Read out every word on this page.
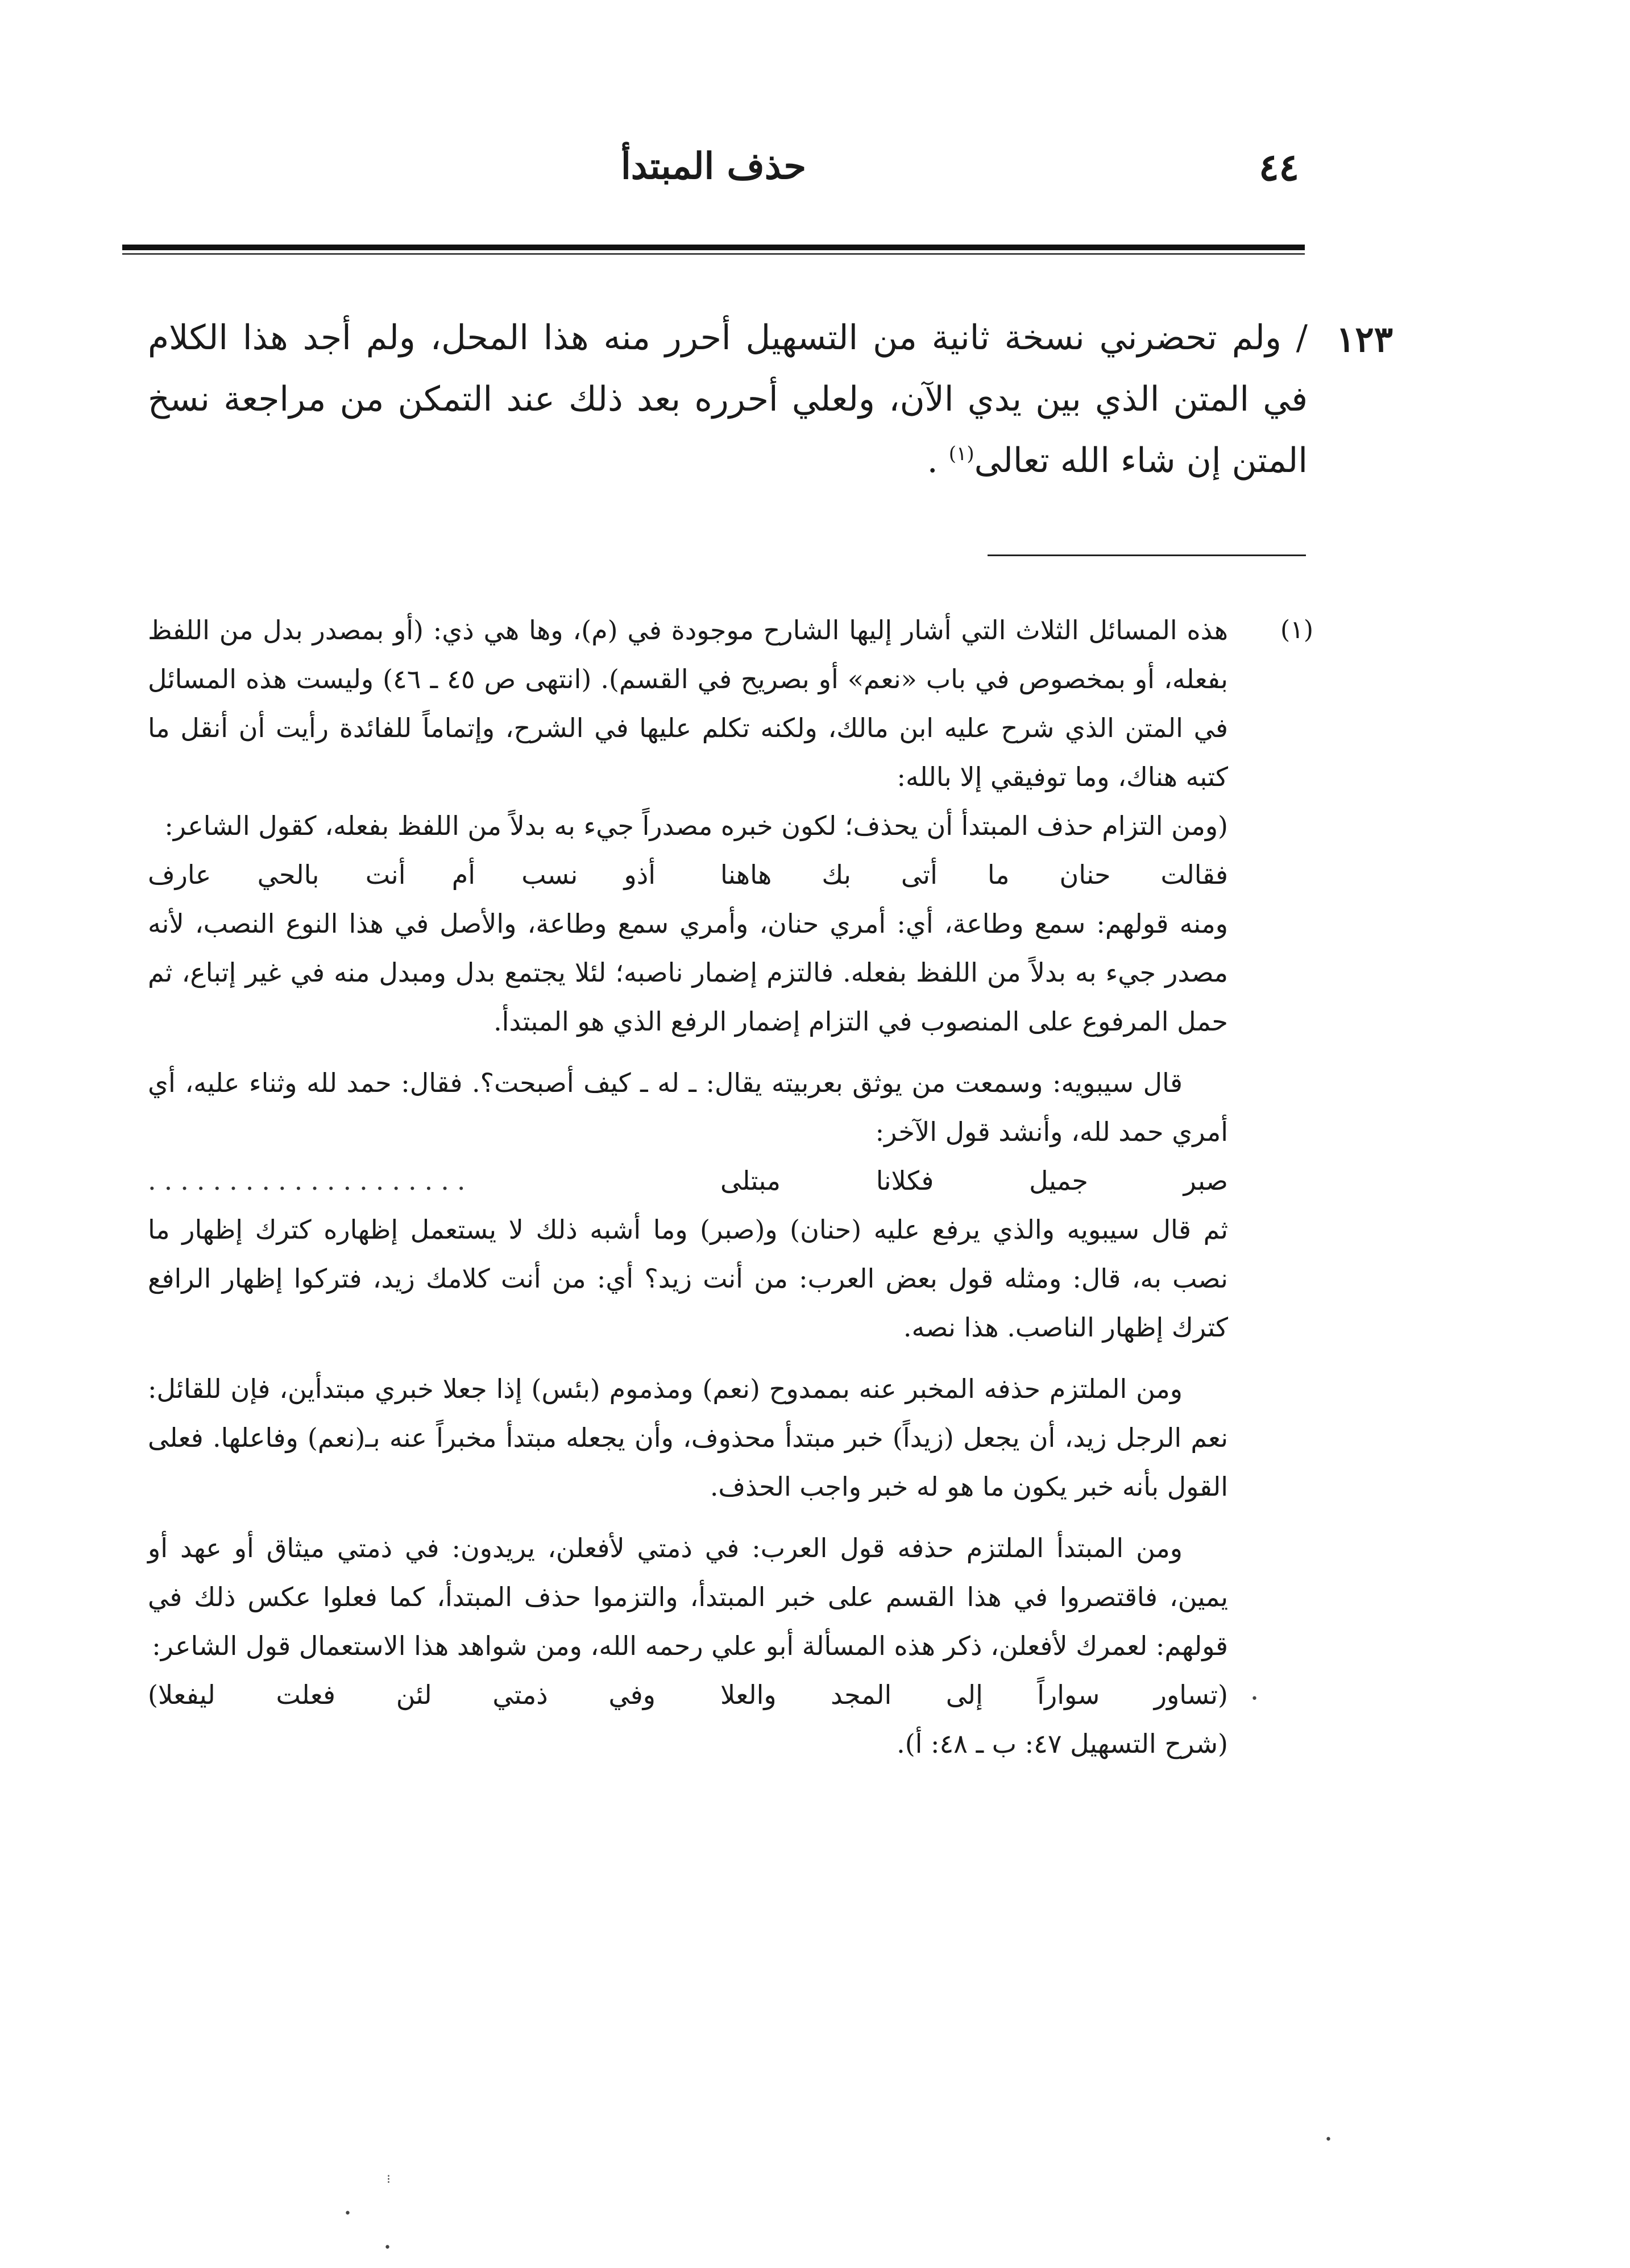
٤٤
حذف المبتدأ
١٢٣

/ ولم تحضرني نسخة ثانية من التسهيل أحرر منه هذا المحل، ولم أجد هذا الكلام في المتن الذي بين يدي الآن، ولعلي أحرره بعد ذلك عند التمكن من مراجعة نسخ المتن إن شاء الله تعالى$^{(١)}$ .

(١)

هذه المسائل الثلاث التي أشار إليها الشارح موجودة في (م)، وها هي ذي: (أو بمصدر بدل من اللفظ بفعله، أو بمخصوص في باب «نعم» أو بصريح في القسم). (انتهى ص ٤٥ ـ ٤٦) وليست هذه المسائل في المتن الذي شرح عليه ابن مالك، ولكنه تكلم عليها في الشرح، وإتماماً للفائدة رأيت أن أنقل ما كتبه هناك، وما توفيقي إلا بالله:

(ومن التزام حذف المبتدأ أن يحذف؛ لكون خبره مصدراً جيء به بدلاً من اللفظ بفعله، كقول الشاعر:

فقالت حنان ما أتى بك هاهنا
أذو نسب أم أنت بالحي عارف

ومنه قولهم: سمع وطاعة، أي: أمري حنان، وأمري سمع وطاعة، والأصل في هذا النوع النصب، لأنه مصدر جيء به بدلاً من اللفظ بفعله. فالتزم إضمار ناصبه؛ لئلا يجتمع بدل ومبدل منه في غير إتباع، ثم حمل المرفوع على المنصوب في التزام إضمار الرفع الذي هو المبتدأ.

قال سيبويه: وسمعت من يوثق بعربيته يقال: ـ له ـ كيف أصبحت؟. فقال: حمد لله وثناء عليه، أي أمري حمد لله، وأنشد قول الآخر:

صبر جميل فكلانا مبتلى
....................

ثم قال سيبويه والذي يرفع عليه (حنان) و(صبر) وما أشبه ذلك لا يستعمل إظهاره كترك إظهار ما نصب به، قال: ومثله قول بعض العرب: من أنت زيد؟ أي: من أنت كلامك زيد، فتركوا إظهار الرافع كترك إظهار الناصب. هذا نصه.

ومن الملتزم حذفه المخبر عنه بممدوح (نعم) ومذموم (بئس) إذا جعلا خبري مبتدأين، فإن للقائل: نعم الرجل زيد، أن يجعل (زيداً) خبر مبتدأ محذوف، وأن يجعله مبتدأ مخبراً عنه بـ(نعم) وفاعلها. فعلى القول بأنه خبر يكون ما هو له خبر واجب الحذف.

ومن المبتدأ الملتزم حذفه قول العرب: في ذمتي لأفعلن، يريدون: في ذمتي ميثاق أو عهد أو يمين، فاقتصروا في هذا القسم على خبر المبتدأ، والتزموا حذف المبتدأ، كما فعلوا عكس ذلك في قولهم: لعمرك لأفعلن، ذكر هذه المسألة أبو علي رحمه الله، ومن شواهد هذا الاستعمال قول الشاعر:

(تساور سواراً إلى المجد والعلا
وفي ذمتي لئن فعلت ليفعلا)

(شرح التسهيل ٤٧: ب ـ ٤٨: أ).

•
•
⁝
•
•
